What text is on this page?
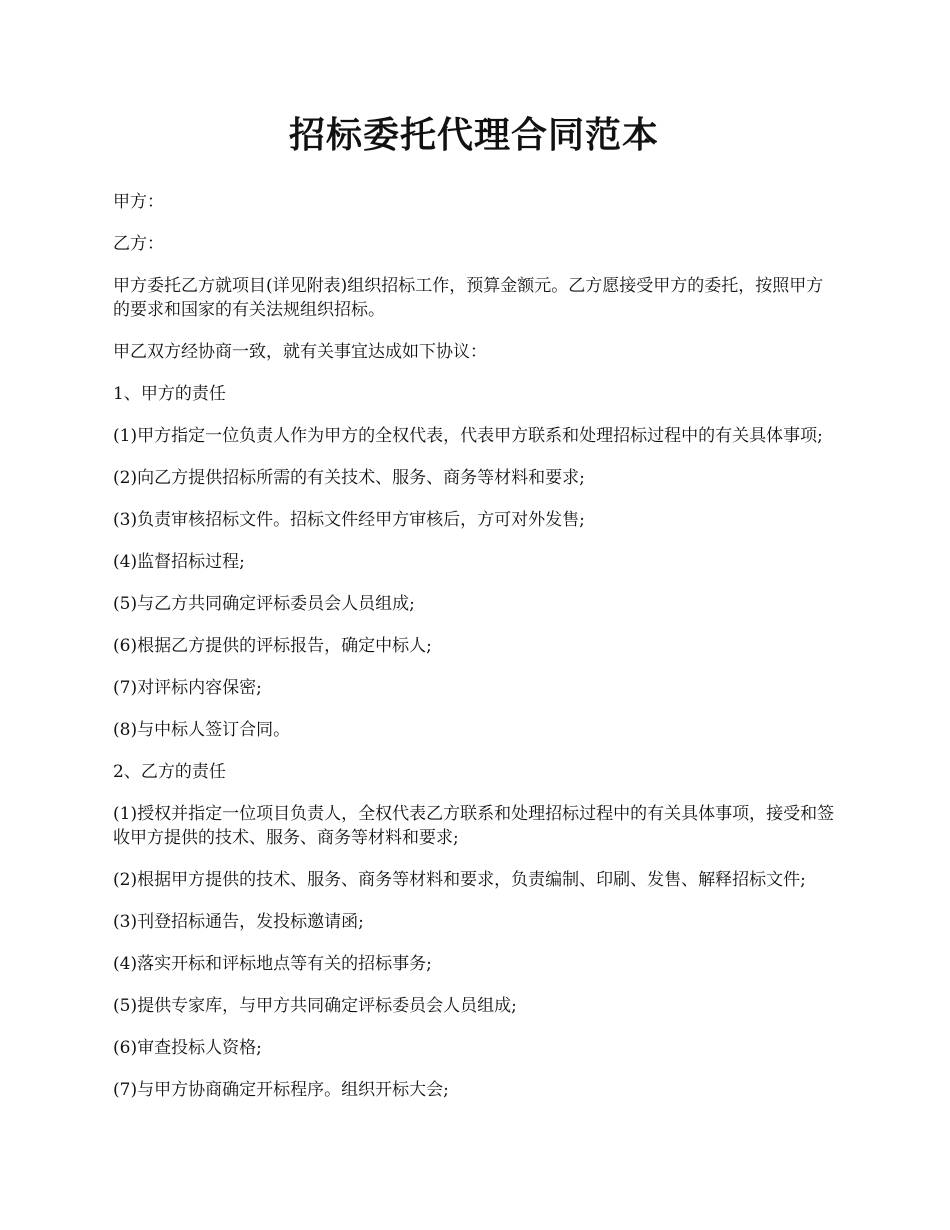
招标委托代理合同范本

甲方：

乙方：

甲方委托乙方就项目(详见附表)组织招标工作，预算金额元。乙方愿接受甲方的委托，按照甲方的要求和国家的有关法规组织招标。

甲乙双方经协商一致，就有关事宜达成如下协议：

1、甲方的责任

(1)甲方指定一位负责人作为甲方的全权代表，代表甲方联系和处理招标过程中的有关具体事项;

(2)向乙方提供招标所需的有关技术、服务、商务等材料和要求;

(3)负责审核招标文件。招标文件经甲方审核后，方可对外发售;

(4)监督招标过程;

(5)与乙方共同确定评标委员会人员组成;

(6)根据乙方提供的评标报告，确定中标人;

(7)对评标内容保密;

(8)与中标人签订合同。

2、乙方的责任

(1)授权并指定一位项目负责人，全权代表乙方联系和处理招标过程中的有关具体事项，接受和签收甲方提供的技术、服务、商务等材料和要求;

(2)根据甲方提供的技术、服务、商务等材料和要求，负责编制、印刷、发售、解释招标文件;

(3)刊登招标通告，发投标邀请函;

(4)落实开标和评标地点等有关的招标事务;

(5)提供专家库，与甲方共同确定评标委员会人员组成;

(6)审查投标人资格;

(7)与甲方协商确定开标程序。组织开标大会;
